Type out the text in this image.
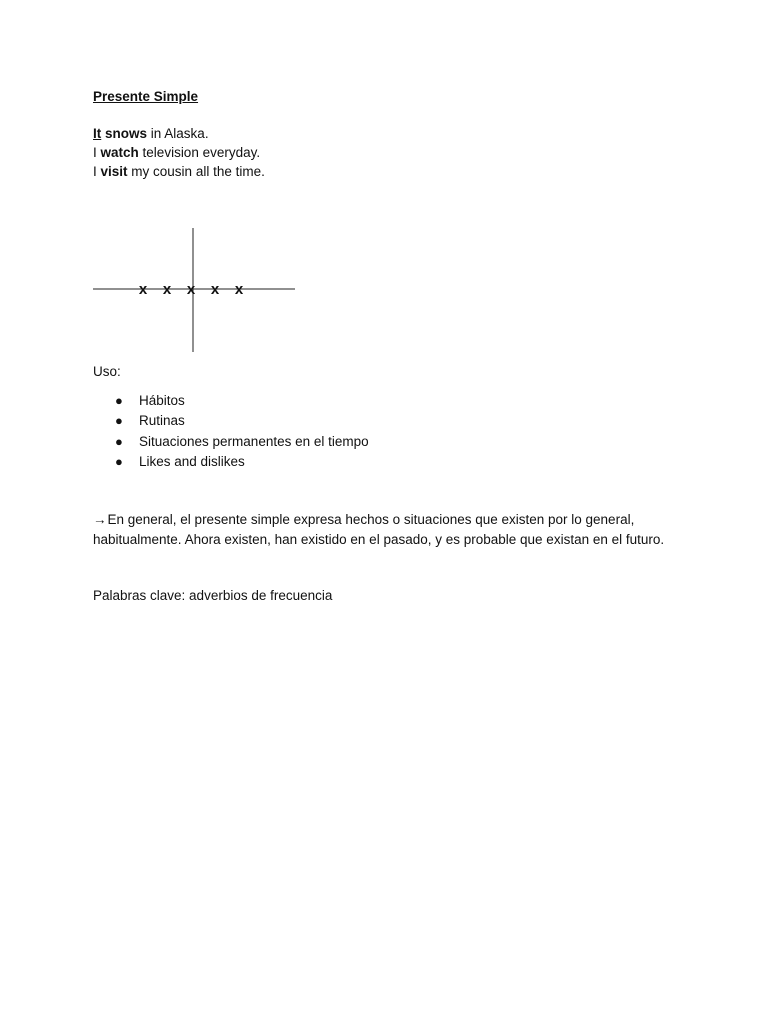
Presente Simple
It snows in Alaska.
I watch television everyday.
I visit my cousin all the time.
x x x x x
Uso:
● Hábitos
● Rutinas
● Situaciones permanentes en el tiempo
● Likes and dislikes
→En general, el presente simple expresa hechos o situaciones que existen por lo general, habitualmente. Ahora existen, han existido en el pasado, y es probable que existan en el futuro.
Palabras clave: adverbios de frecuencia
